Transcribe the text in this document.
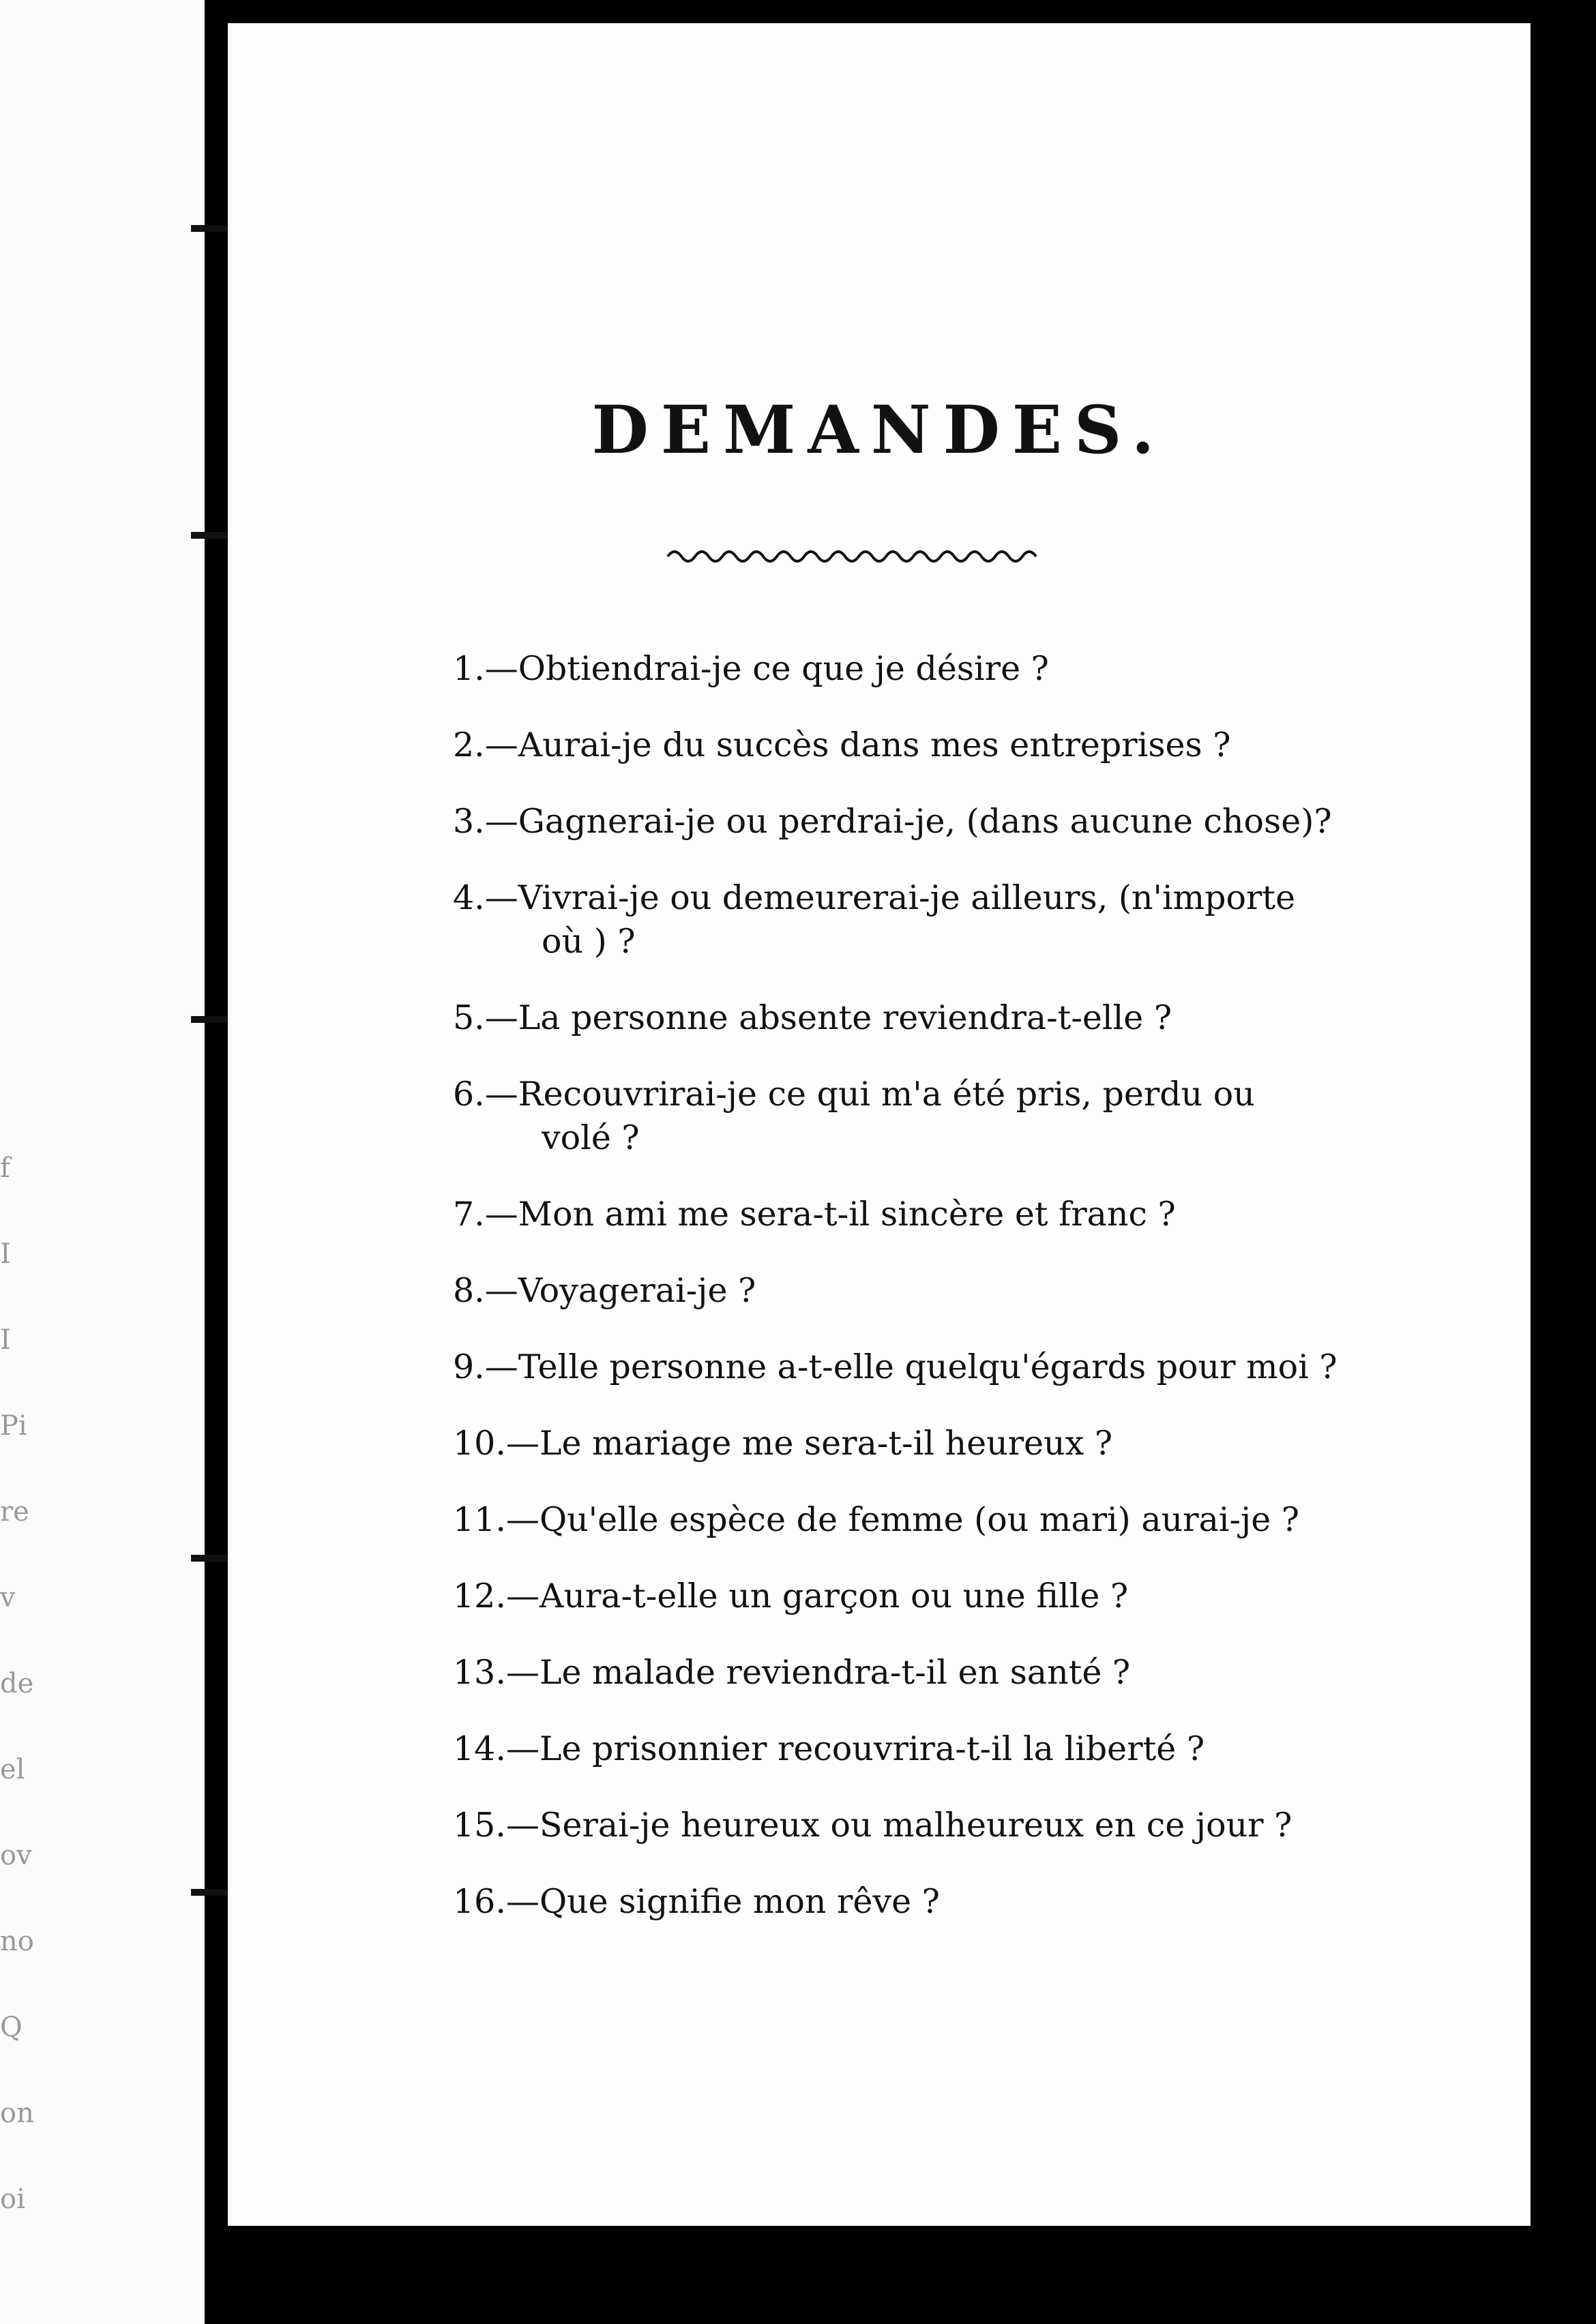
f
I
I
Pi
re
v
de
el
ov
no
Q
on
oi
DEMANDES.
1. —Obtiendrai-je ce que je désire ?
2. —Aurai-je du succès dans mes entreprises ?
3. —Gagnerai-je ou perdrai-je, (dans aucune chose)?
4. —Vivrai-je ou demeurerai-je ailleurs, (n'importe
où ) ?
5. —La personne absente reviendra-t-elle ?
6. —Recouvrirai-je ce qui m'a été pris, perdu ou
volé ?
7. —Mon ami me sera-t-il sincère et franc ?
8. —Voyagerai-je ?
9. —Telle personne a-t-elle quelqu'égards pour moi ?
10. —Le mariage me sera-t-il heureux ?
11. —Qu'elle espèce de femme (ou mari) aurai-je ?
12. —Aura-t-elle un garçon ou une fille ?
13. —Le malade reviendra-t-il en santé ?
14. —Le prisonnier recouvrira-t-il la liberté ?
15. —Serai-je heureux ou malheureux en ce jour ?
16. —Que signifie mon rêve ?
